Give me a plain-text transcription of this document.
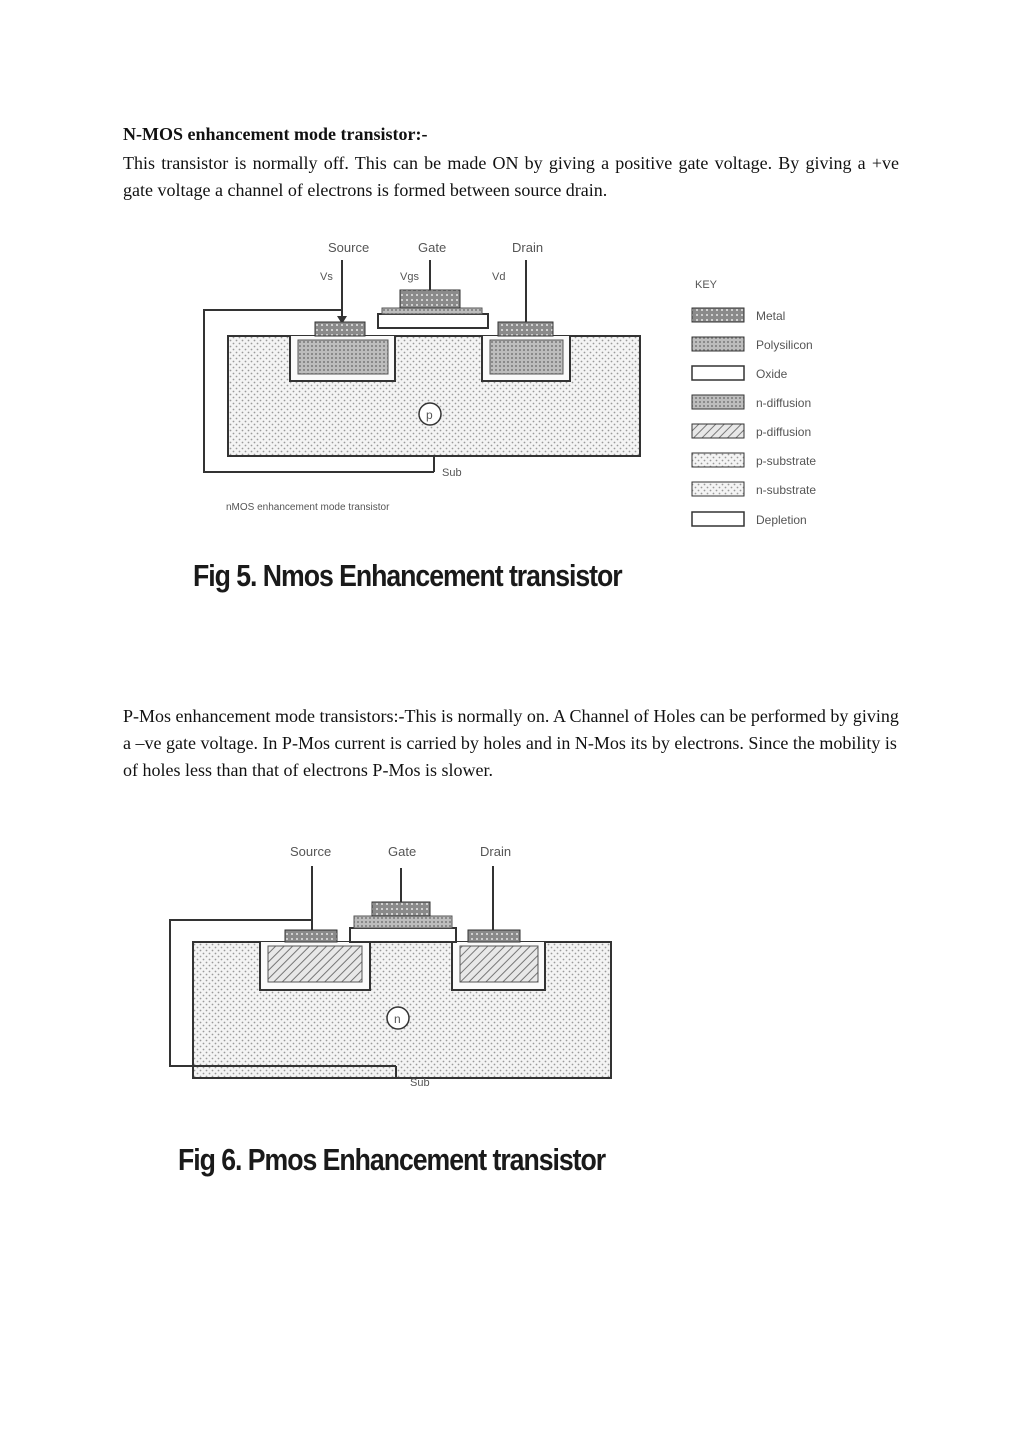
N-MOS enhancement mode transistor:-
This transistor is normally off. This can be made ON by giving a positive gate voltage. By giving a +ve gate voltage a channel of electrons is formed between source drain.
Source	Gate	Drain
Vs	Vgs	Vd
p
Sub
nMOS enhancement mode transistor
KEY
Metal
Polysilicon
Oxide
n-diffusion
p-diffusion
p-substrate
n-substrate
Depletion
Fig 5. Nmos Enhancement transistor
P-Mos enhancement mode transistors:-This is normally on. A Channel of Holes can be performed by giving a –ve gate voltage. In P-Mos current is carried by holes and in N-Mos its by electrons. Since the mobility is of holes less than that of electrons P-Mos is slower.
Source	Gate	Drain
n
Sub
Fig 6. Pmos Enhancement transistor
